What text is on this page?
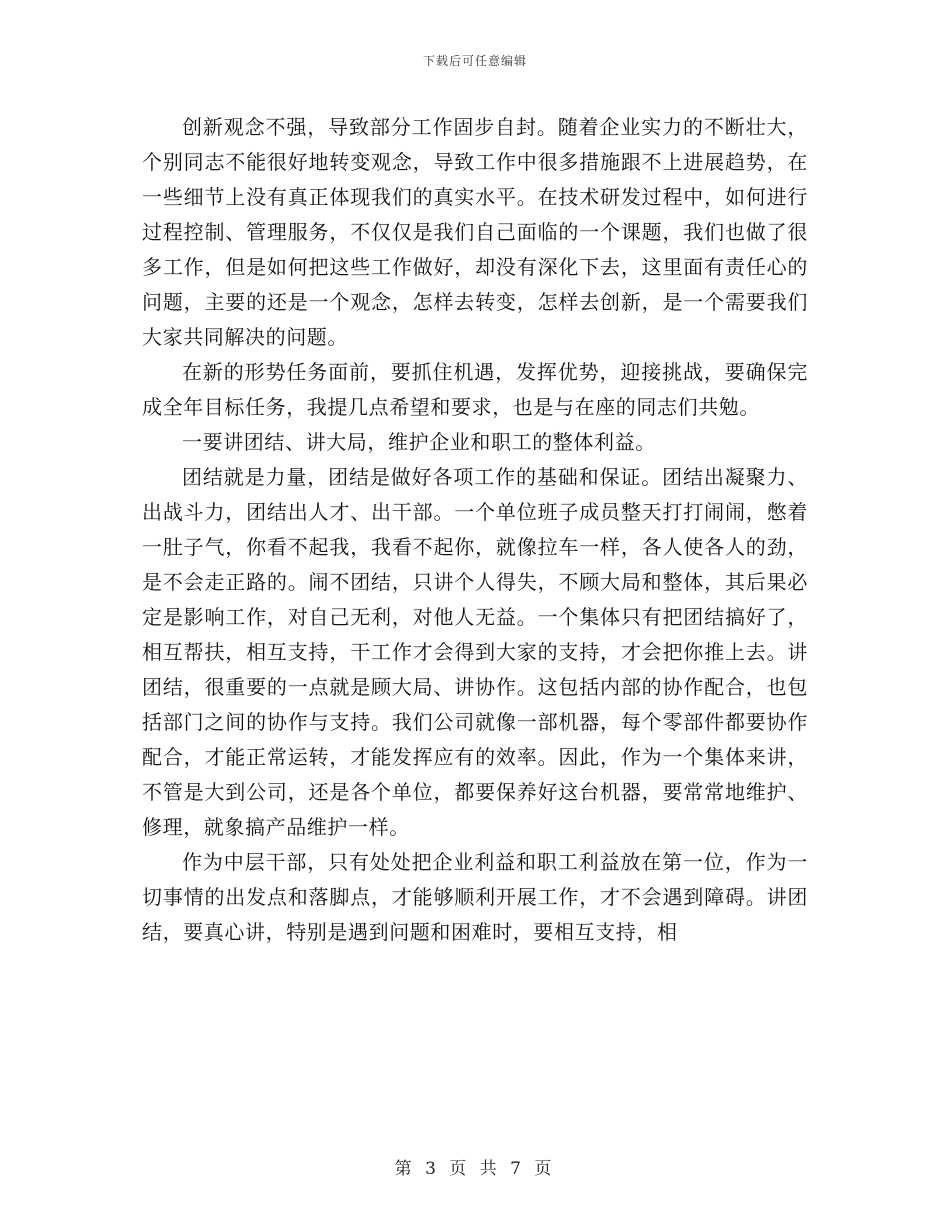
下载后可任意编辑

创新观念不强，导致部分工作固步自封。随着企业实力的不断壮大，个别同志不能很好地转变观念，导致工作中很多措施跟不上进展趋势，在一些细节上没有真正体现我们的真实水平。在技术研发过程中，如何进行过程控制、管理服务，不仅仅是我们自己面临的一个课题，我们也做了很多工作，但是如何把这些工作做好，却没有深化下去，这里面有责任心的问题，主要的还是一个观念，怎样去转变，怎样去创新，是一个需要我们大家共同解决的问题。

在新的形势任务面前，要抓住机遇，发挥优势，迎接挑战，要确保完成全年目标任务，我提几点希望和要求，也是与在座的同志们共勉。

一要讲团结、讲大局，维护企业和职工的整体利益。

团结就是力量，团结是做好各项工作的基础和保证。团结出凝聚力、出战斗力，团结出人才、出干部。一个单位班子成员整天打打闹闹，憋着一肚子气，你看不起我，我看不起你，就像拉车一样，各人使各人的劲，是不会走正路的。闹不团结，只讲个人得失，不顾大局和整体，其后果必定是影响工作，对自己无利，对他人无益。一个集体只有把团结搞好了，相互帮扶，相互支持，干工作才会得到大家的支持，才会把你推上去。讲团结，很重要的一点就是顾大局、讲协作。这包括内部的协作配合，也包括部门之间的协作与支持。我们公司就像一部机器，每个零部件都要协作配合，才能正常运转，才能发挥应有的效率。因此，作为一个集体来讲，不管是大到公司，还是各个单位，都要保养好这台机器，要常常地维护、修理，就象搞产品维护一样。

作为中层干部，只有处处把企业利益和职工利益放在第一位，作为一切事情的出发点和落脚点，才能够顺利开展工作，才不会遇到障碍。讲团结，要真心讲，特别是遇到问题和困难时，要相互支持，相

第 3 页 共 7 页
